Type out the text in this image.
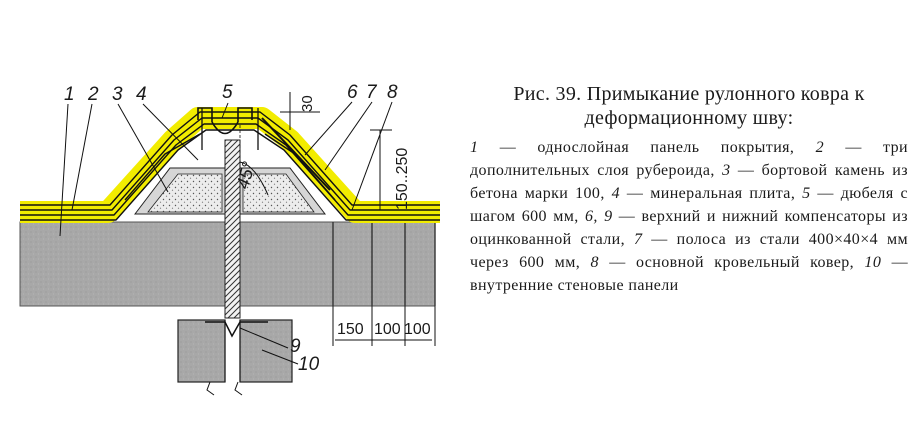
45°
30
150..250
150 100 100
1 2 3 4	5	6 7 8
9
10

Рис. 39. Примыкание рулонного ковра к деформационному шву:

1 — однослойная панель покрытия, 2 — три дополнительных слоя рубероида, 3 — бортовой камень из бетона марки 100, 4 — минеральная плита, 5 — дюбеля с шагом 600 мм, 6, 9 — верхний и нижний компенсаторы из оцинкованной стали, 7 — полоса из стали 400×40×4 мм через 600 мм, 8 — основной кровельный ковер, 10 — внутренние стеновые панели
